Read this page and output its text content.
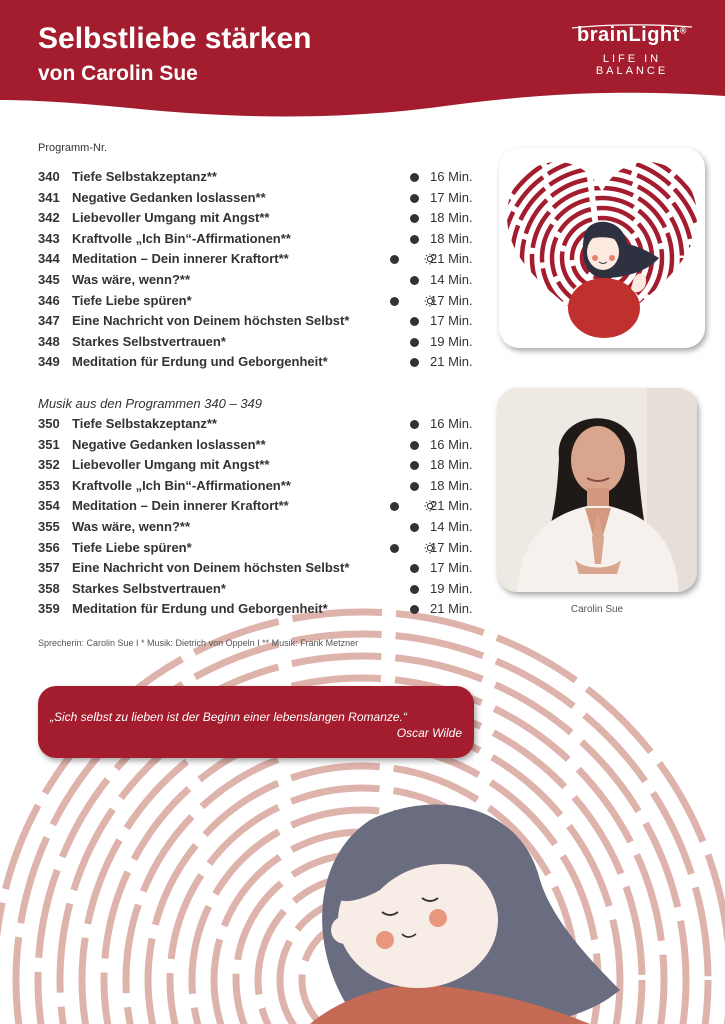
Selbstliebe stärken
von Carolin Sue
brainLight®
LIFE IN BALANCE
Programm-Nr.
340 Tiefe Selbstakzeptanz**	16 Min.
341 Negative Gedanken loslassen**	17 Min.
342 Liebevoller Umgang mit Angst**	18 Min.
343 Kraftvolle „Ich Bin“-Affirmationen**	18 Min.
344 Meditation – Dein innerer Kraftort**	21 Min.
345 Was wäre, wenn?**	14 Min.
346 Tiefe Liebe spüren*	17 Min.
347 Eine Nachricht von Deinem höchsten Selbst*	17 Min.
348 Starkes Selbstvertrauen*	19 Min.
349 Meditation für Erdung und Geborgenheit*	21 Min.
Musik aus den Programmen 340 – 349
350 Tiefe Selbstakzeptanz**	16 Min.
351 Negative Gedanken loslassen**	16 Min.
352 Liebevoller Umgang mit Angst**	18 Min.
353 Kraftvolle „Ich Bin“-Affirmationen**	18 Min.
354 Meditation – Dein innerer Kraftort**	21 Min.
355 Was wäre, wenn?**	14 Min.
356 Tiefe Liebe spüren*	17 Min.
357 Eine Nachricht von Deinem höchsten Selbst*	17 Min.
358 Starkes Selbstvertrauen*	19 Min.
359 Meditation für Erdung und Geborgenheit*	21 Min.
Sprecherin: Carolin Sue I * Musik: Dietrich von Oppeln I ** Musik: Frank Metzner
Carolin Sue
„Sich selbst zu lieben ist der Beginn einer lebenslangen Romanze.“
Oscar Wilde
